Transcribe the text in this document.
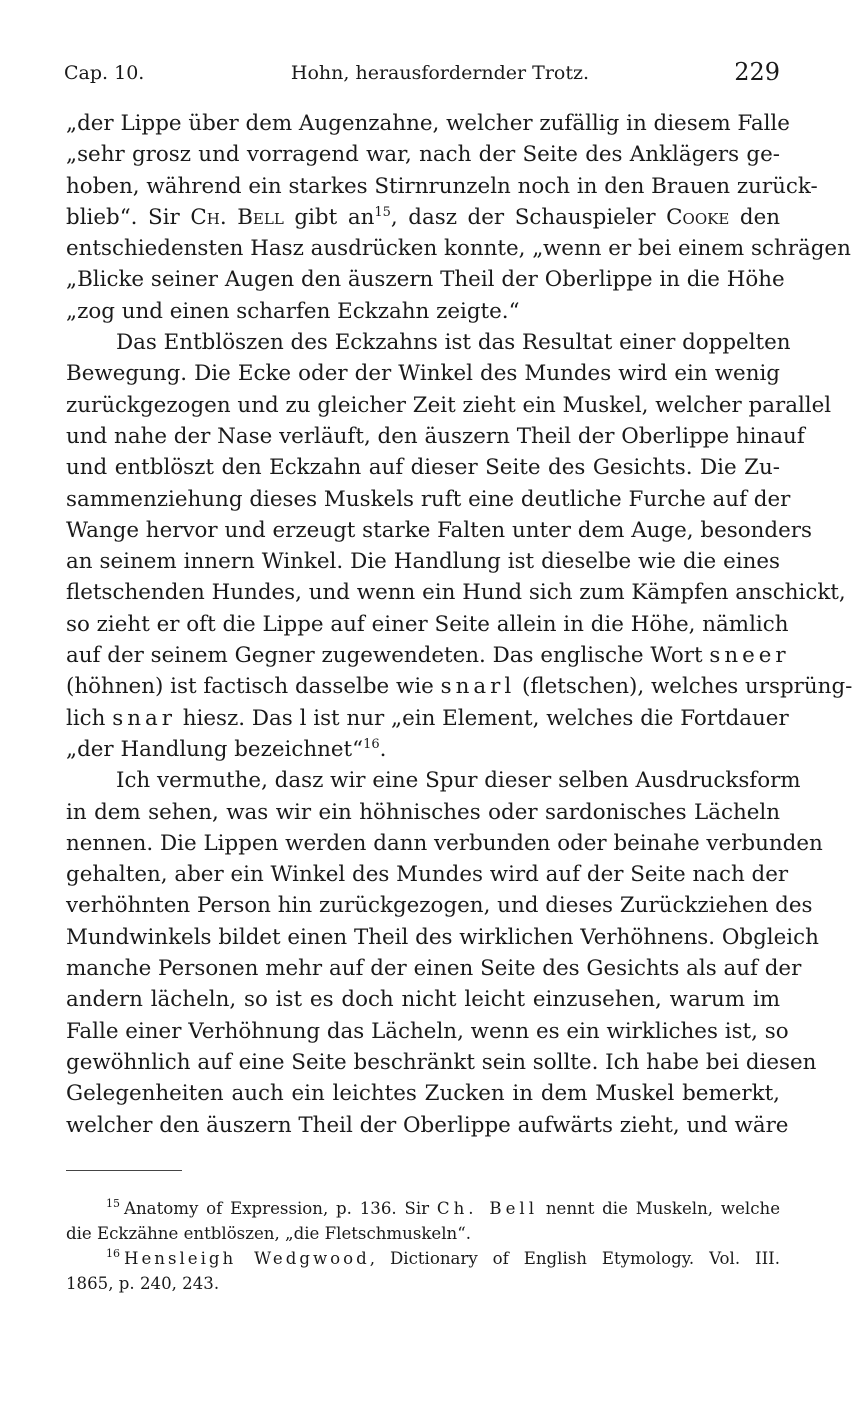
Cap. 10.	Hohn, herausfordernder Trotz.	229
„der Lippe über dem Augenzahne, welcher zufällig in diesem Falle
„sehr grosz und vorragend war, nach der Seite des Anklägers ge-
hoben, während ein starkes Stirnrunzeln noch in den Brauen zurück-
blieb“. Sir Ch. Bell gibt $an^{15}$, dasz der Schauspieler Cooke den
entschiedensten Hasz ausdrücken konnte, „wenn er bei einem schrägen
„Blicke seiner Augen den äuszern Theil der Oberlippe in die Höhe
„zog und einen scharfen Eckzahn zeigte.“
Das Entblöszen des Eckzahns ist das Resultat einer doppelten
Bewegung. Die Ecke oder der Winkel des Mundes wird ein wenig
zurückgezogen und zu gleicher Zeit zieht ein Muskel, welcher parallel
und nahe der Nase verläuft, den äuszern Theil der Oberlippe hinauf
und entblöszt den Eckzahn auf dieser Seite des Gesichts. Die Zu-
sammenziehung dieses Muskels ruft eine deutliche Furche auf der
Wange hervor und erzeugt starke Falten unter dem Auge, besonders
an seinem innern Winkel. Die Handlung ist dieselbe wie die eines
fletschenden Hundes, und wenn ein Hund sich zum Kämpfen anschickt,
so zieht er oft die Lippe auf einer Seite allein in die Höhe, nämlich
auf der seinem Gegner zugewendeten. Das englische Wort sneer
(höhnen) ist factisch dasselbe wie snarl (fletschen), welches ursprüng-
lich snar hiesz. Das l ist nur „ein Element, welches die Fortdauer
„der Handlung bezeichnet“$^{16}$.
Ich vermuthe, dasz wir eine Spur dieser selben Ausdrucksform
in dem sehen, was wir ein höhnisches oder sardonisches Lächeln
nennen. Die Lippen werden dann verbunden oder beinahe verbunden
gehalten, aber ein Winkel des Mundes wird auf der Seite nach der
verhöhnten Person hin zurückgezogen, und dieses Zurückziehen des
Mundwinkels bildet einen Theil des wirklichen Verhöhnens. Obgleich
manche Personen mehr auf der einen Seite des Gesichts als auf der
andern lächeln, so ist es doch nicht leicht einzusehen, warum im
Falle einer Verhöhnung das Lächeln, wenn es ein wirkliches ist, so
gewöhnlich auf eine Seite beschränkt sein sollte. Ich habe bei diesen
Gelegenheiten auch ein leichtes Zucken in dem Muskel bemerkt,
welcher den äuszern Theil der Oberlippe aufwärts zieht, und wäre
$^{15}$ Anatomy of Expression, p. 136. Sir Ch. Bell nennt die Muskeln, welche
die Eckzähne entblöszen, „die Fletschmuskeln“.
$^{16}$ Hensleigh Wedgwood, Dictionary of English Etymology. Vol. III.
1865, p. 240, 243.
